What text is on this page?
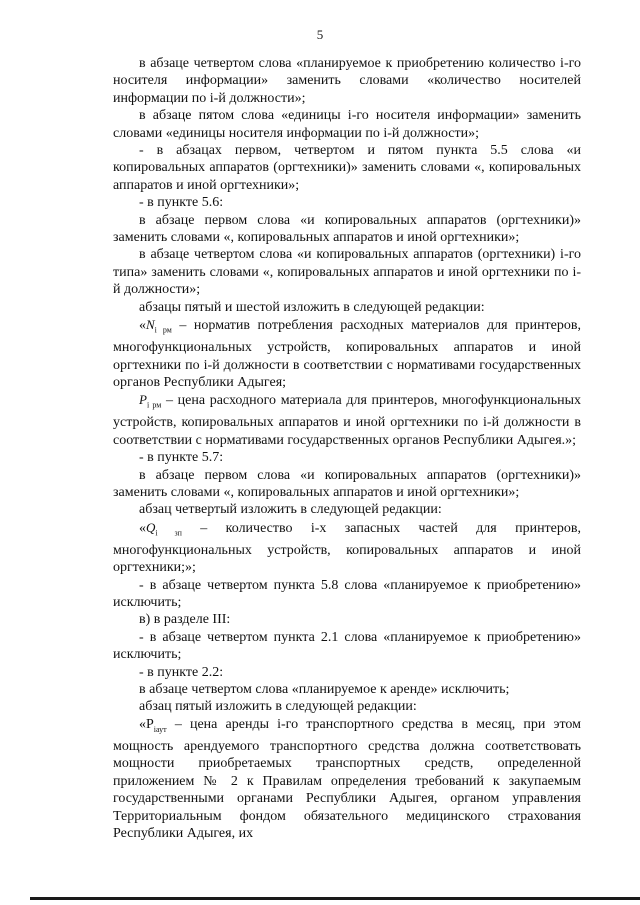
5

в абзаце четвертом слова «планируемое к приобретению количество i-го носителя информации» заменить словами «количество носителей информации по i-й должности»;

в абзаце пятом слова «единицы i-го носителя информации» заменить словами «единицы носителя информации по i-й должности»;

- в абзацах первом, четвертом и пятом пункта 5.5 слова «и копировальных аппаратов (оргтехники)» заменить словами «, копировальных аппаратов и иной оргтехники»;

- в пункте 5.6:

в абзаце первом слова «и копировальных аппаратов (оргтехники)» заменить словами «, копировальных аппаратов и иной оргтехники»;

в абзаце четвертом слова «и копировальных аппаратов (оргтехники) i-го типа» заменить словами «, копировальных аппаратов и иной оргтехники по i-й должности»;

абзацы пятый и шестой изложить в следующей редакции:

«$N_{i рм}$ – норматив потребления расходных материалов для принтеров, многофункциональных устройств, копировальных аппаратов и иной оргтехники по i-й должности в соответствии с нормативами государственных органов Республики Адыгея;

$P_{i рм}$ – цена расходного материала для принтеров, многофункциональных устройств, копировальных аппаратов и иной оргтехники по i-й должности в соответствии с нормативами государственных органов Республики Адыгея.»;

- в пункте 5.7:

в абзаце первом слова «и копировальных аппаратов (оргтехники)» заменить словами «, копировальных аппаратов и иной оргтехники»;

абзац четвертый изложить в следующей редакции:

«$Q_{i зп}$ – количество i-х запасных частей для принтеров, многофункциональных устройств, копировальных аппаратов и иной оргтехники;»;

- в абзаце четвертом пункта 5.8 слова «планируемое к приобретению» исключить;

в) в разделе III:

- в абзаце четвертом пункта 2.1 слова «планируемое к приобретению» исключить;

- в пункте 2.2:

в абзаце четвертом слова «планируемое к аренде» исключить;

абзац пятый изложить в следующей редакции:

«$P_{iаут}$ – цена аренды i-го транспортного средства в месяц, при этом мощность арендуемого транспортного средства должна соответствовать мощности приобретаемых транспортных средств, определенной приложением № 2 к Правилам определения требований к закупаемым государственными органами Республики Адыгея, органом управления Территориальным фондом обязательного медицинского страхования Республики Адыгея, их
